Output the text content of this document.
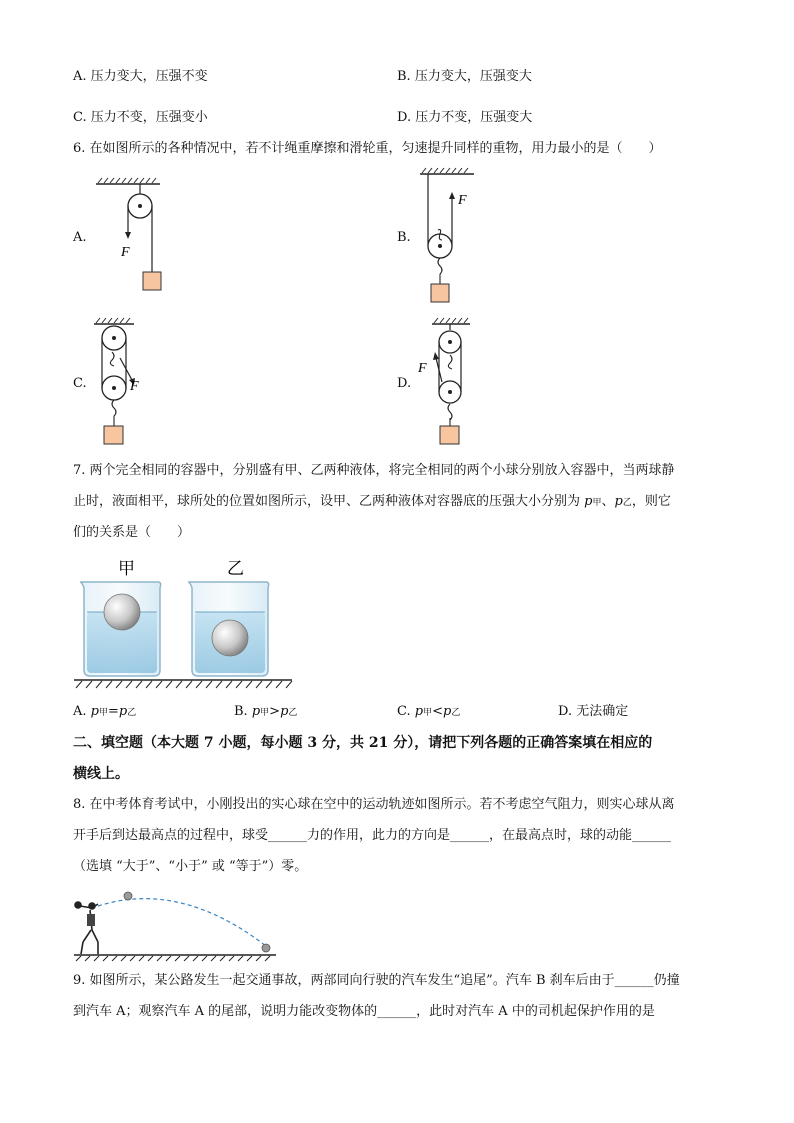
A. 压力变大，压强不变	B. 压力变大，压强变大
C. 压力不变，压强变小	D. 压力不变，压强变大
6. 在如图所示的各种情况中，若不计绳重摩擦和滑轮重，匀速提升同样的重物，用力最小的是（　　）
A.	B.
C.	D.
F
F
F
F
7. 两个完全相同的容器中，分别盛有甲、乙两种液体，将完全相同的两个小球分别放入容器中，当两球静
止时，液面相平，球所处的位置如图所示，设甲、乙两种液体对容器底的压强大小分别为 p甲、p乙，则它
们的关系是（　　）
甲	乙
A. p甲=p乙	B. p甲>p乙	C. p甲<p乙	D. 无法确定
二、填空题（本大题 7 小题，每小题 3 分，共 21 分），请把下列各题的正确答案填在相应的
横线上。
8. 在中考体育考试中，小刚投出的实心球在空中的运动轨迹如图所示。若不考虑空气阻力，则实心球从离
开手后到达最高点的过程中，球受______力的作用，此力的方向是______，在最高点时，球的动能______
（选填 “大于”、“小于” 或 “等于”）零。
9. 如图所示，某公路发生一起交通事故，两部同向行驶的汽车发生“追尾”。汽车 B 刹车后由于______仍撞
到汽车 A；观察汽车 A 的尾部，说明力能改变物体的______，此时对汽车 A 中的司机起保护作用的是
